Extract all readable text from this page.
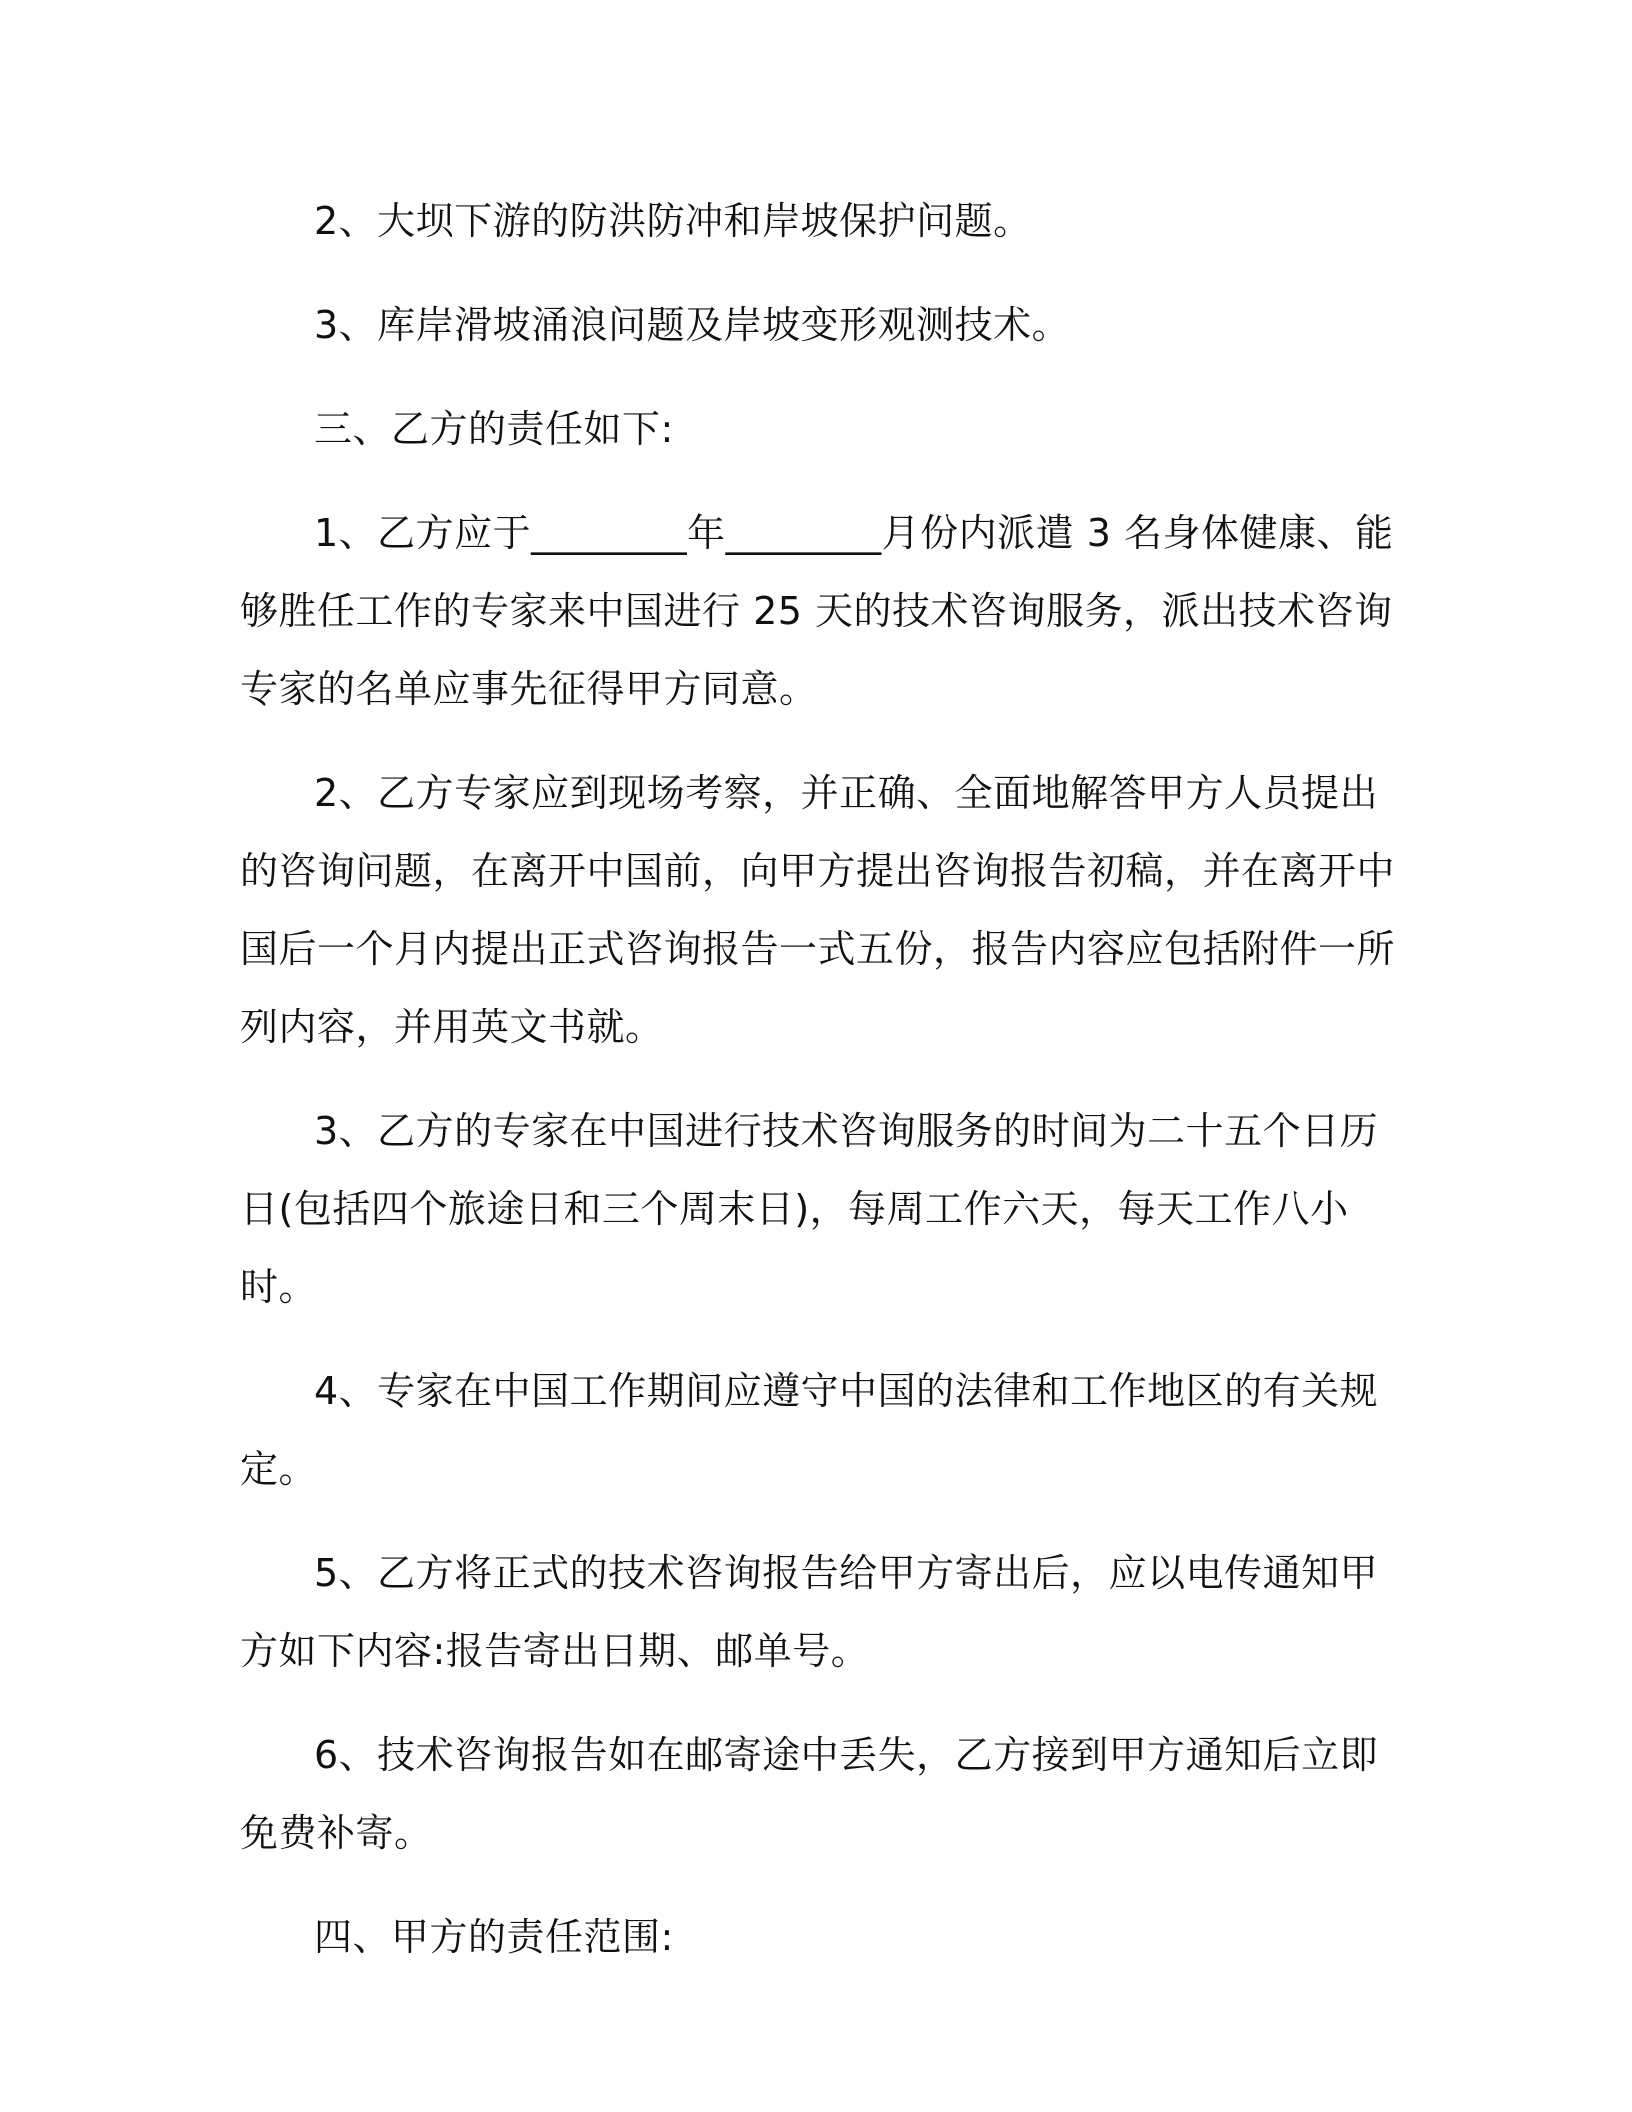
2、大坝下游的防洪防冲和岸坡保护问题。

3、库岸滑坡涌浪问题及岸坡变形观测技术。

三、乙方的责任如下:

1、乙方应于________年________月份内派遣 3 名身体健康、能够胜任工作的专家来中国进行 25 天的技术咨询服务，派出技术咨询专家的名单应事先征得甲方同意。

2、乙方专家应到现场考察，并正确、全面地解答甲方人员提出的咨询问题，在离开中国前，向甲方提出咨询报告初稿，并在离开中国后一个月内提出正式咨询报告一式五份，报告内容应包括附件一所列内容，并用英文书就。

3、乙方的专家在中国进行技术咨询服务的时间为二十五个日历日(包括四个旅途日和三个周末日)，每周工作六天，每天工作八小时。

4、专家在中国工作期间应遵守中国的法律和工作地区的有关规定。

5、乙方将正式的技术咨询报告给甲方寄出后，应以电传通知甲方如下内容:报告寄出日期、邮单号。

6、技术咨询报告如在邮寄途中丢失，乙方接到甲方通知后立即免费补寄。

四、甲方的责任范围:
